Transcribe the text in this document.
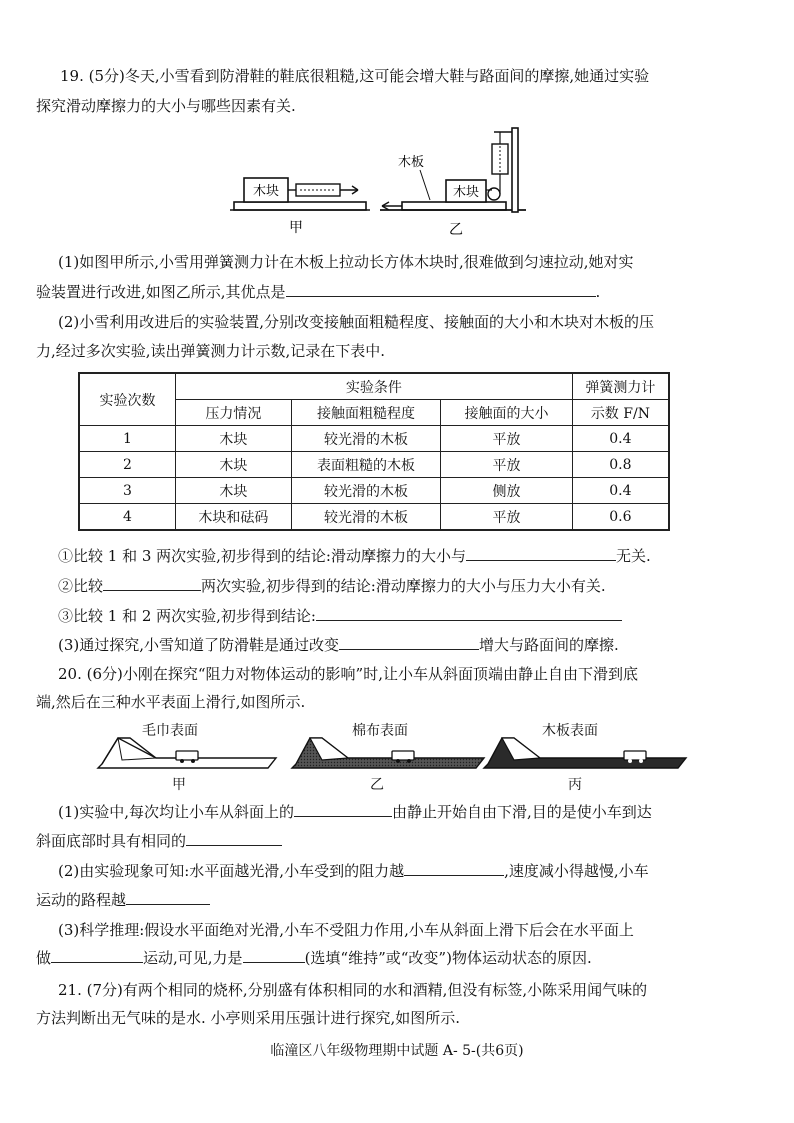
19. (5分)冬天,小雪看到防滑鞋的鞋底很粗糙,这可能会增大鞋与路面间的摩擦,她通过实验
探究滑动摩擦力的大小与哪些因素有关.
木块
甲
木板
木块
乙
(1)如图甲所示,小雪用弹簧测力计在木板上拉动长方体木块时,很难做到匀速拉动,她对实
验装置进行改进,如图乙所示,其优点是	.
(2)小雪利用改进后的实验装置,分别改变接触面粗糙程度、接触面的大小和木块对木板的压
力,经过多次实验,读出弹簧测力计示数,记录在下表中.
实验次数	实验条件			弹簧测力计
	压力情况	接触面粗糙程度	接触面的大小	示数 F/N
1	木块	较光滑的木板	平放	0.4
2	木块	表面粗糙的木板	平放	0.8
3	木块	较光滑的木板	侧放	0.4
4	木块和砝码	较光滑的木板	平放	0.6
①比较 1 和 3 两次实验,初步得到的结论:滑动摩擦力的大小与	无关.
②比较	两次实验,初步得到的结论:滑动摩擦力的大小与压力大小有关.
③比较 1 和 2 两次实验,初步得到结论:
(3)通过探究,小雪知道了防滑鞋是通过改变	增大与路面间的摩擦.
20. (6分)小刚在探究“阻力对物体运动的影响”时,让小车从斜面顶端由静止自由下滑到底
端,然后在三种水平表面上滑行,如图所示.
毛巾表面	棉布表面	木板表面
甲	乙	丙
(1)实验中,每次均让小车从斜面上的	由静止开始自由下滑,目的是使小车到达
斜面底部时具有相同的
(2)由实验现象可知:水平面越光滑,小车受到的阻力越	,速度减小得越慢,小车
运动的路程越
(3)科学推理:假设水平面绝对光滑,小车不受阻力作用,小车从斜面上滑下后会在水平面上
做	运动,可见,力是	(选填“维持”或“改变”)物体运动状态的原因.
21. (7分)有两个相同的烧杯,分别盛有体积相同的水和酒精,但没有标签,小陈采用闻气味的
方法判断出无气味的是水. 小亭则采用压强计进行探究,如图所示.
临潼区八年级物理期中试题 A- 5-(共6页)
